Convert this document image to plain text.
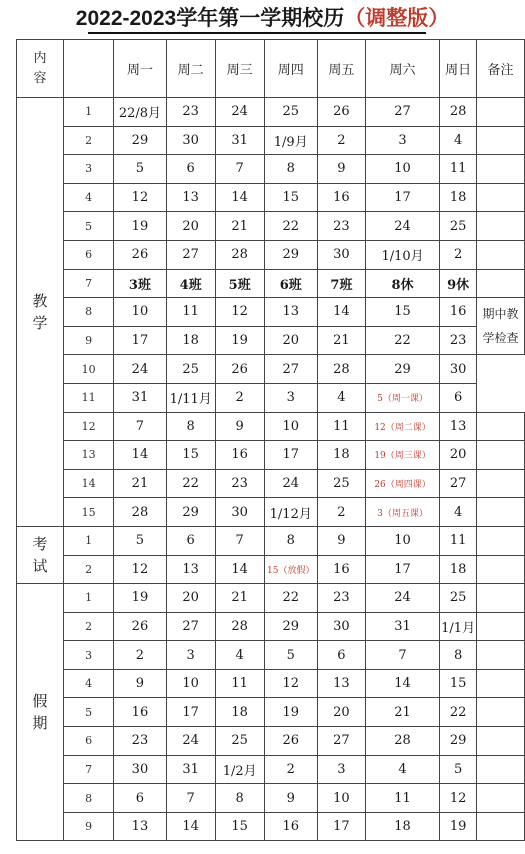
2022-2023学年第一学期校历（调整版）
内
容		周一	周二	周三	周四	周五	周六	周日	备注
教
学	1	22/8月	23	24	25	26	27	28	
	2	29	30	31	1/9月	2	3	4	
	3	5	6	7	8	9	10	11	
	4	12	13	14	15	16	17	18	
	5	19	20	21	22	23	24	25	
	6	26	27	28	29	30	1/10月	2	
	7	3班	4班	5班	6班	7班	8休	9休	
	8	10	11	12	13	14	15	16	期中教学检查
	9	17	18	19	20	21	22	23	
	10	24	25	26	27	28	29	30	
	11	31	1/11月	2	3	4	5（周一课）	6	
	12	7	8	9	10	11	12（周二课）	13	
	13	14	15	16	17	18	19（周三课）	20	
	14	21	22	23	24	25	26（周四课）	27	
	15	28	29	30	1/12月	2	3（周五课）	4	
考
试	1	5	6	7	8	9	10	11	
	2	12	13	14	15（放假）	16	17	18	
假
期	1	19	20	21	22	23	24	25	
	2	26	27	28	29	30	31	1/1月	
	3	2	3	4	5	6	7	8	
	4	9	10	11	12	13	14	15	
	5	16	17	18	19	20	21	22	
	6	23	24	25	26	27	28	29	
	7	30	31	1/2月	2	3	4	5	
	8	6	7	8	9	10	11	12	
	9	13	14	15	16	17	18	19	
